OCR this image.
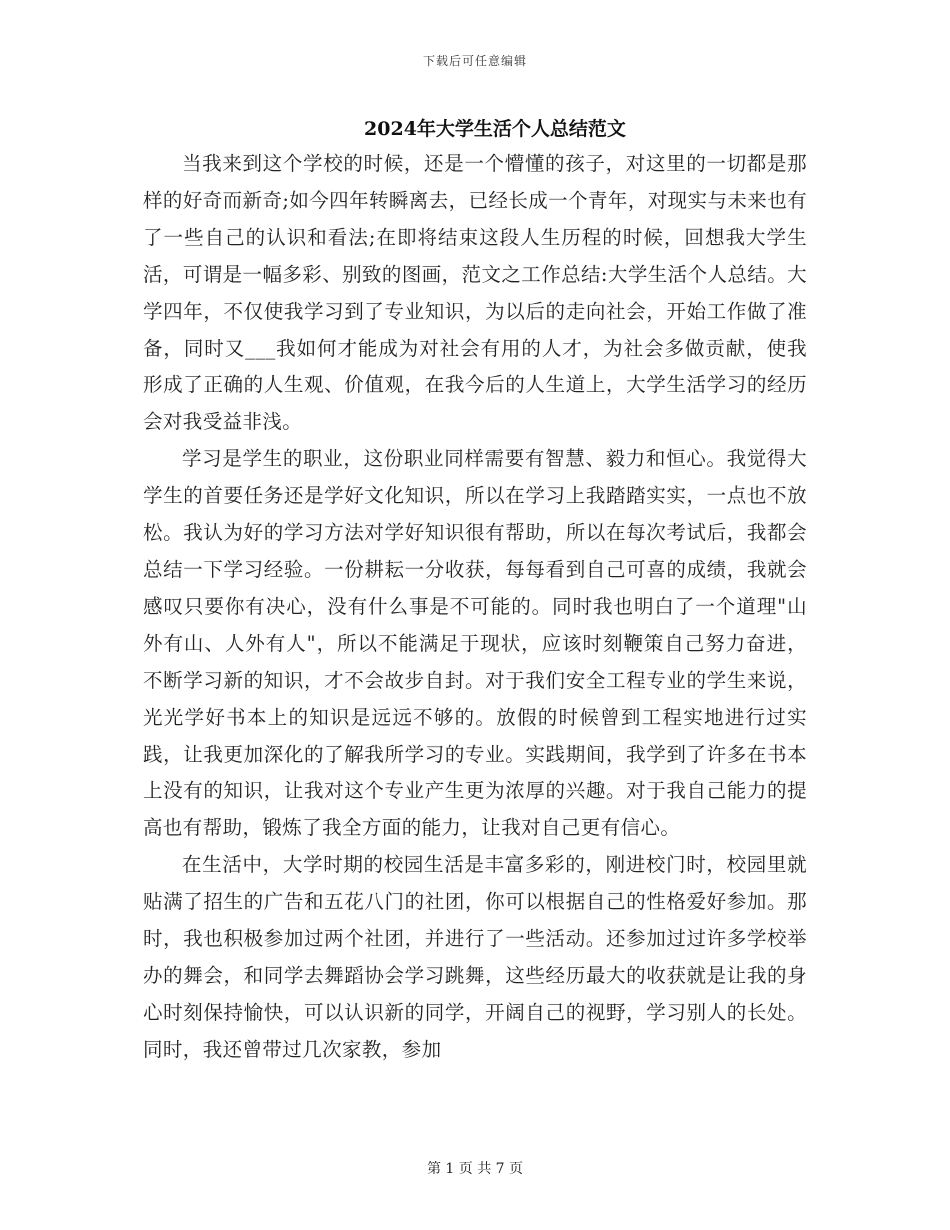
下载后可任意编辑
2024年大学生活个人总结范文

当我来到这个学校的时候，还是一个懵懂的孩子，对这里的一切都是那样的好奇而新奇;如今四年转瞬离去，已经长成一个青年，对现实与未来也有了一些自己的认识和看法;在即将结束这段人生历程的时候，回想我大学生活，可谓是一幅多彩、别致的图画，范文之工作总结:大学生活个人总结。大学四年，不仅使我学习到了专业知识，为以后的走向社会，开始工作做了准备，同时又___我如何才能成为对社会有用的人才，为社会多做贡献，使我形成了正确的人生观、价值观，在我今后的人生道上，大学生活学习的经历会对我受益非浅。

学习是学生的职业，这份职业同样需要有智慧、毅力和恒心。我觉得大学生的首要任务还是学好文化知识，所以在学习上我踏踏实实，一点也不放松。我认为好的学习方法对学好知识很有帮助，所以在每次考试后，我都会总结一下学习经验。一份耕耘一分收获，每每看到自己可喜的成绩，我就会感叹只要你有决心，没有什么事是不可能的。同时我也明白了一个道理"山外有山、人外有人"，所以不能满足于现状，应该时刻鞭策自己努力奋进，不断学习新的知识，才不会故步自封。对于我们安全工程专业的学生来说，光光学好书本上的知识是远远不够的。放假的时候曾到工程实地进行过实践，让我更加深化的了解我所学习的专业。实践期间，我学到了许多在书本上没有的知识，让我对这个专业产生更为浓厚的兴趣。对于我自己能力的提高也有帮助，锻炼了我全方面的能力，让我对自己更有信心。

在生活中，大学时期的校园生活是丰富多彩的，刚进校门时，校园里就贴满了招生的广告和五花八门的社团，你可以根据自己的性格爱好参加。那时，我也积极参加过两个社团，并进行了一些活动。还参加过过许多学校举办的舞会，和同学去舞蹈协会学习跳舞，这些经历最大的收获就是让我的身心时刻保持愉快，可以认识新的同学，开阔自己的视野，学习别人的长处。同时，我还曾带过几次家教，参加

第 1 页 共 7 页
